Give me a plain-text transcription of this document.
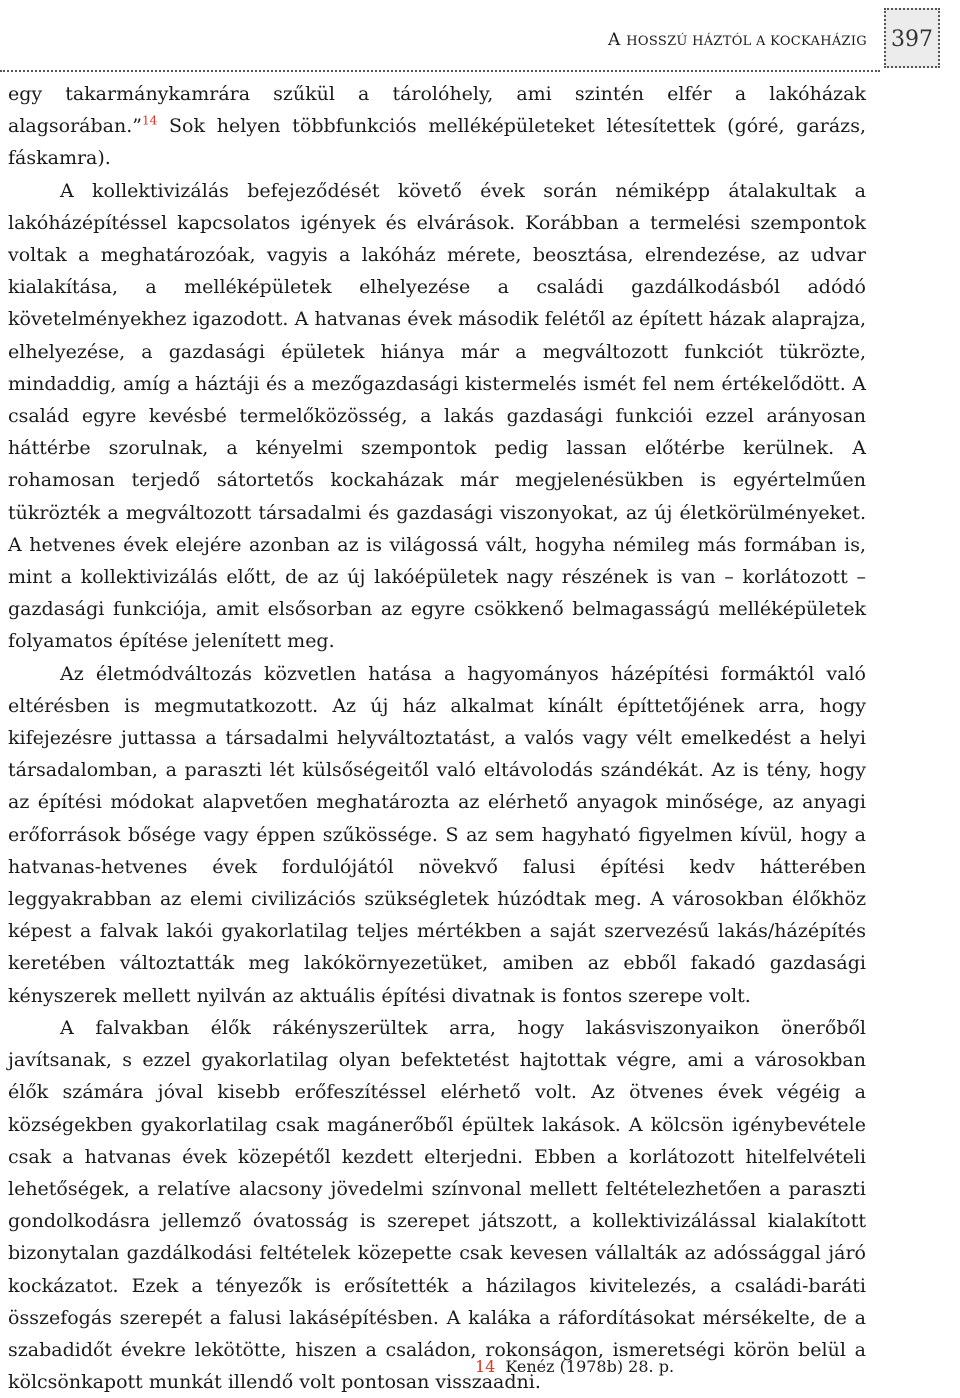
A HOSSZÚ HÁZTÓL A KOCKAHÁZIG 397

egy takarmánykamrára szűkül a tárolóhely, ami szintén elfér a lakóházak alagsorában.”$^{14}$ Sok helyen többfunkciós melléképületeket létesítettek (góré, garázs, fáskamra).

A kollektivizálás befejeződését követő évek során némiképp átalakultak a lakóházépítéssel kapcsolatos igények és elvárások. Korábban a termelési szempontok voltak a meghatározóak, vagyis a lakóház mérete, beosztása, elrendezése, az udvar kialakítása, a melléképületek elhelyezése a családi gazdálkodásból adódó követelményekhez igazodott. A hatvanas évek második felétől az épített házak alaprajza, elhelyezése, a gazdasági épületek hiánya már a megváltozott funkciót tükrözte, mindaddig, amíg a háztáji és a mezőgazdasági kistermelés ismét fel nem értékelődött. A család egyre kevésbé termelőközösség, a lakás gazdasági funkciói ezzel arányosan háttérbe szorulnak, a kényelmi szempontok pedig lassan előtérbe kerülnek. A rohamosan terjedő sátortetős kockaházak már megjelenésükben is egyértelműen tükrözték a megváltozott társadalmi és gazdasági viszonyokat, az új életkörülményeket. A hetvenes évek elejére azonban az is világossá vált, hogyha némileg más formában is, mint a kollektivizálás előtt, de az új lakóépületek nagy részének is van – korlátozott – gazdasági funkciója, amit elsősorban az egyre csökkenő belmagasságú melléképületek folyamatos építése jelenített meg.

Az életmódváltozás közvetlen hatása a hagyományos házépítési formáktól való eltérésben is megmutatkozott. Az új ház alkalmat kínált építtetőjének arra, hogy kifejezésre juttassa a társadalmi helyváltoztatást, a valós vagy vélt emelkedést a helyi társadalomban, a paraszti lét külsőségeitől való eltávolodás szándékát. Az is tény, hogy az építési módokat alapvetően meghatározta az elérhető anyagok minősége, az anyagi erőforrások bősége vagy éppen szűkössége. S az sem hagyható figyelmen kívül, hogy a hatvanas-hetvenes évek fordulójától növekvő falusi építési kedv hátterében leggyakrabban az elemi civilizációs szükségletek húzódtak meg. A városokban élőkhöz képest a falvak lakói gyakorlatilag teljes mértékben a saját szervezésű lakás/házépítés keretében változtatták meg lakókörnyezetüket, amiben az ebből fakadó gazdasági kényszerek mellett nyilván az aktuális építési divatnak is fontos szerepe volt.

A falvakban élők rákényszerültek arra, hogy lakásviszonyaikon önerőből javítsanak, s ezzel gyakorlatilag olyan befektetést hajtottak végre, ami a városokban élők számára jóval kisebb erőfeszítéssel elérhető volt. Az ötvenes évek végéig a községekben gyakorlatilag csak magánerőből épültek lakások. A kölcsön igénybevétele csak a hatvanas évek közepétől kezdett elterjedni. Ebben a korlátozott hitelfelvételi lehetőségek, a relatíve alacsony jövedelmi színvonal mellett feltételezhetően a paraszti gondolkodásra jellemző óvatosság is szerepet játszott, a kollektivizálással kialakított bizonytalan gazdálkodási feltételek közepette csak kevesen vállalták az adóssággal járó kockázatot. Ezek a tényezők is erősítették a házilagos kivitelezés, a családi-baráti összefogás szerepét a falusi lakásépítésben. A kaláka a ráfordításokat mérsékelte, de a szabadidőt évekre lekötötte, hiszen a családon, rokonságon, ismeretségi körön belül a kölcsönkapott munkát illendő volt pontosan visszaadni.

14 Kenéz (1978b) 28. p.
